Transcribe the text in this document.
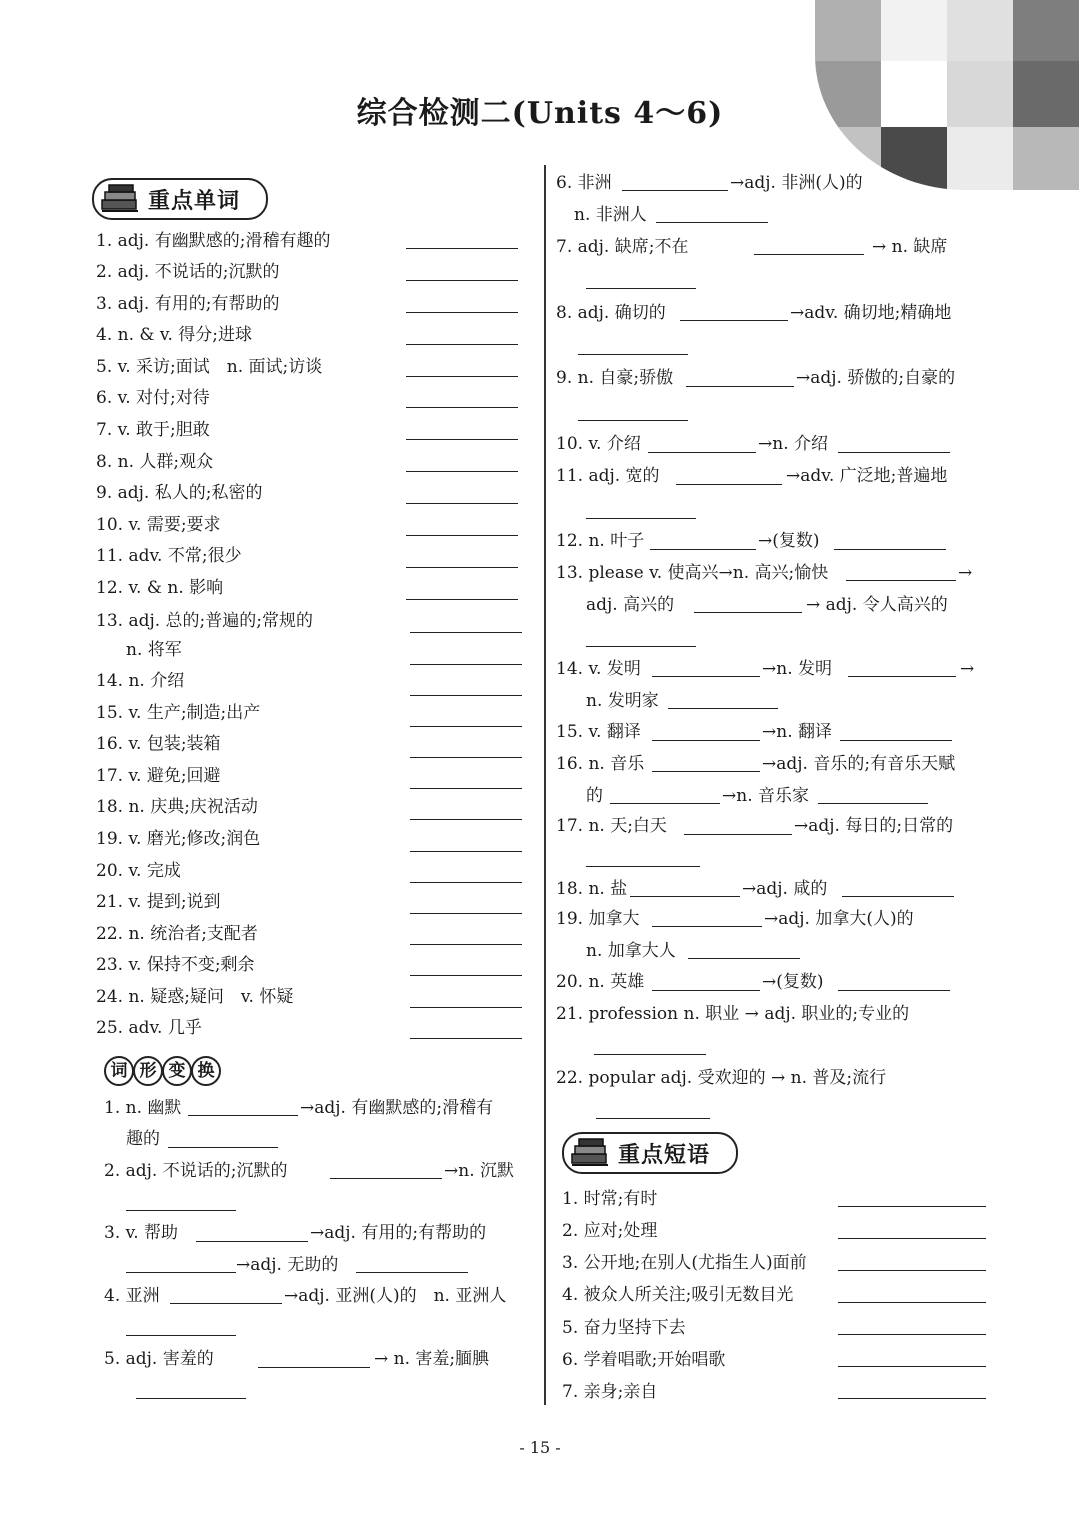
综合检测二(Units 4～6)
重点单词
词 形 变 换
重点短语
1. adj. 有幽默感的;滑稽有趣的
2. adj. 不说话的;沉默的
3. adj. 有用的;有帮助的
4. n. & v. 得分;进球
5. v. 采访;面试　n. 面试;访谈
6. v. 对付;对待
7. v. 敢于;胆敢
8. n. 人群;观众
9. adj. 私人的;私密的
10. v. 需要;要求
11. adv. 不常;很少
12. v. & n. 影响
13. adj. 总的;普遍的;常规的
n. 将军
14. n. 介绍
15. v. 生产;制造;出产
16. v. 包装;装箱
17. v. 避免;回避
18. n. 庆典;庆祝活动
19. v. 磨光;修改;润色
20. v. 完成
21. v. 提到;说到
22. n. 统治者;支配者
23. v. 保持不变;剩余
24. n. 疑惑;疑问　v. 怀疑
25. adv. 几乎
1. n. 幽默	→adj. 有幽默感的;滑稽有
趣的
2. adj. 不说话的;沉默的	→n. 沉默
3. v. 帮助	→adj. 有用的;有帮助的
→adj. 无助的
4. 亚洲	→adj. 亚洲(人)的　n. 亚洲人
5. adj. 害羞的	→ n. 害羞;腼腆
6. 非洲	→adj. 非洲(人)的
n. 非洲人
7. adj. 缺席;不在	→ n. 缺席
8. adj. 确切的	→adv. 确切地;精确地
9. n. 自豪;骄傲	→adj. 骄傲的;自豪的
10. v. 介绍	→n. 介绍
11. adj. 宽的	→adv. 广泛地;普遍地
12. n. 叶子	→(复数)
13. please v. 使高兴→n. 高兴;愉快	→
adj. 高兴的	→ adj. 令人高兴的
14. v. 发明	→n. 发明	→
n. 发明家
15. v. 翻译	→n. 翻译
16. n. 音乐	→adj. 音乐的;有音乐天赋
的	→n. 音乐家
17. n. 天;白天	→adj. 每日的;日常的
18. n. 盐	→adj. 咸的
19. 加拿大	→adj. 加拿大(人)的
n. 加拿大人
20. n. 英雄	→(复数)
21. profession n. 职业 → adj. 职业的;专业的
22. popular adj. 受欢迎的 → n. 普及;流行
1. 时常;有时
2. 应对;处理
3. 公开地;在别人(尤指生人)面前
4. 被众人所关注;吸引无数目光
5. 奋力坚持下去
6. 学着唱歌;开始唱歌
7. 亲身;亲自
- 15 -
